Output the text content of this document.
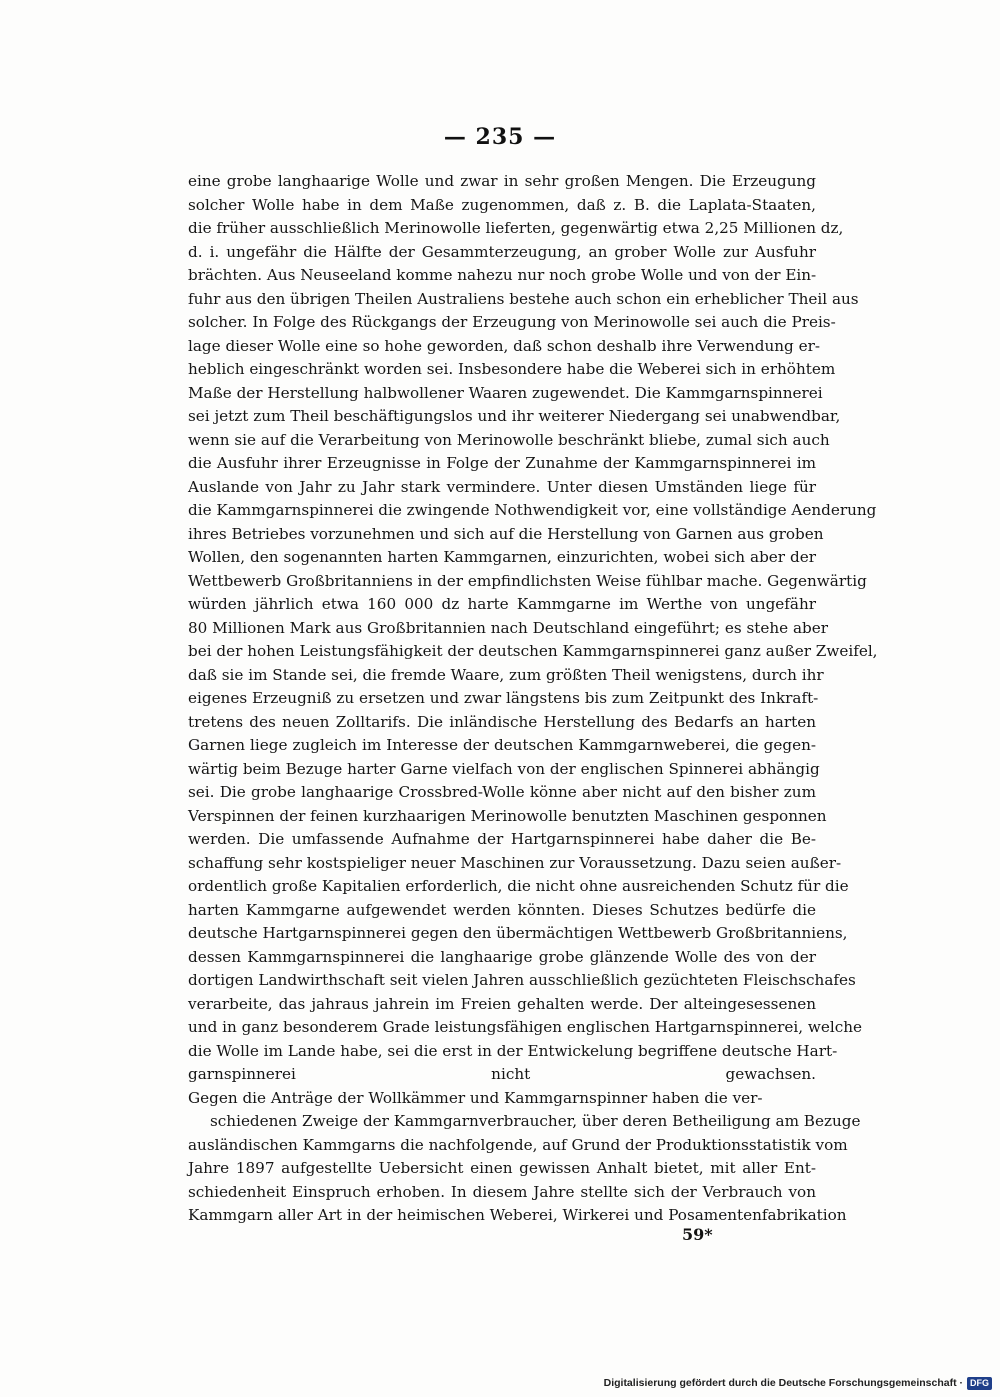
— 235 —
eine grobe langhaarige Wolle und zwar in sehr großen Mengen. Die Erzeugung
solcher Wolle habe in dem Maße zugenommen, daß z. B. die Laplata-Staaten,
die früher ausschließlich Merinowolle lieferten, gegenwärtig etwa 2,25 Millionen dz,
d. i. ungefähr die Hälfte der Gesammterzeugung, an grober Wolle zur Ausfuhr
brächten. Aus Neuseeland komme nahezu nur noch grobe Wolle und von der Ein-
fuhr aus den übrigen Theilen Australiens bestehe auch schon ein erheblicher Theil aus
solcher. In Folge des Rückgangs der Erzeugung von Merinowolle sei auch die Preis-
lage dieser Wolle eine so hohe geworden, daß schon deshalb ihre Verwendung er-
heblich eingeschränkt worden sei. Insbesondere habe die Weberei sich in erhöhtem
Maße der Herstellung halbwollener Waaren zugewendet. Die Kammgarnspinnerei
sei jetzt zum Theil beschäftigungslos und ihr weiterer Niedergang sei unabwendbar,
wenn sie auf die Verarbeitung von Merinowolle beschränkt bliebe, zumal sich auch
die Ausfuhr ihrer Erzeugnisse in Folge der Zunahme der Kammgarnspinnerei im
Auslande von Jahr zu Jahr stark verminderе. Unter diesen Umständen liege für
die Kammgarnspinnerei die zwingende Nothwendigkeit vor, eine vollständige Aenderung
ihres Betriebes vorzunehmen und sich auf die Herstellung von Garnen aus groben
Wollen, den sogenannten harten Kammgarnen, einzurichten, wobei sich aber der
Wettbewerb Großbritanniens in der empfindlichsten Weise fühlbar mache. Gegenwärtig
würden jährlich etwa 160 000 dz harte Kammgarne im Werthe von ungefähr
80 Millionen Mark aus Großbritannien nach Deutschland eingeführt; es stehe aber
bei der hohen Leistungsfähigkeit der deutschen Kammgarnspinnerei ganz außer Zweifel,
daß sie im Stande sei, die fremde Waare, zum größten Theil wenigstens, durch ihr
eigenes Erzeugniß zu ersetzen und zwar längstens bis zum Zeitpunkt des Inkraft-
tretens des neuen Zolltarifs. Die inländische Herstellung des Bedarfs an harten
Garnen liege zugleich im Interesse der deutschen Kammgarnweberei, die gegen-
wärtig beim Bezuge harter Garne vielfach von der englischen Spinnerei abhängig
sei. Die grobe langhaarige Crossbred-Wolle könne aber nicht auf den bisher zum
Verspinnen der feinen kurzhaarigen Merinowolle benutzten Maschinen gesponnen
werden. Die umfassende Aufnahme der Hartgarnspinnerei habe daher die Be-
schaffung sehr kostspieliger neuer Maschinen zur Voraussetzung. Dazu seien außer-
ordentlich große Kapitalien erforderlich, die nicht ohne ausreichenden Schutz für die
harten Kammgarne aufgewendet werden könnten. Dieses Schutzes bedürfe die
deutsche Hartgarnspinnerei gegen den übermächtigen Wettbewerb Großbritanniens,
dessen Kammgarnspinnerei die langhaarige grobe glänzende Wolle des von der
dortigen Landwirthschaft seit vielen Jahren ausschließlich gezüchteten Fleischschafes
verarbeite, das jahraus jahrein im Freien gehalten werde. Der alteingesessenen
und in ganz besonderem Grade leistungsfähigen englischen Hartgarnspinnerei, welche
die Wolle im Lande habe, sei die erst in der Entwickelung begriffene deutsche Hart-
garnspinnerei nicht gewachsen.
Gegen die Anträge der Wollkämmer und Kammgarnspinner haben die ver-
schiedenen Zweige der Kammgarnverbraucher, über deren Betheiligung am Bezuge
ausländischen Kammgarns die nachfolgende, auf Grund der Produktionsstatistik vom
Jahre 1897 aufgestellte Uebersicht einen gewissen Anhalt bietet, mit aller Ent-
schiedenheit Einspruch erhoben. In diesem Jahre stellte sich der Verbrauch von
Kammgarn aller Art in der heimischen Weberei, Wirkerei und Posamentenfabrikation
59*
Digitalisierung gefördert durch die Deutsche Forschungsgemeinschaft · DFG
